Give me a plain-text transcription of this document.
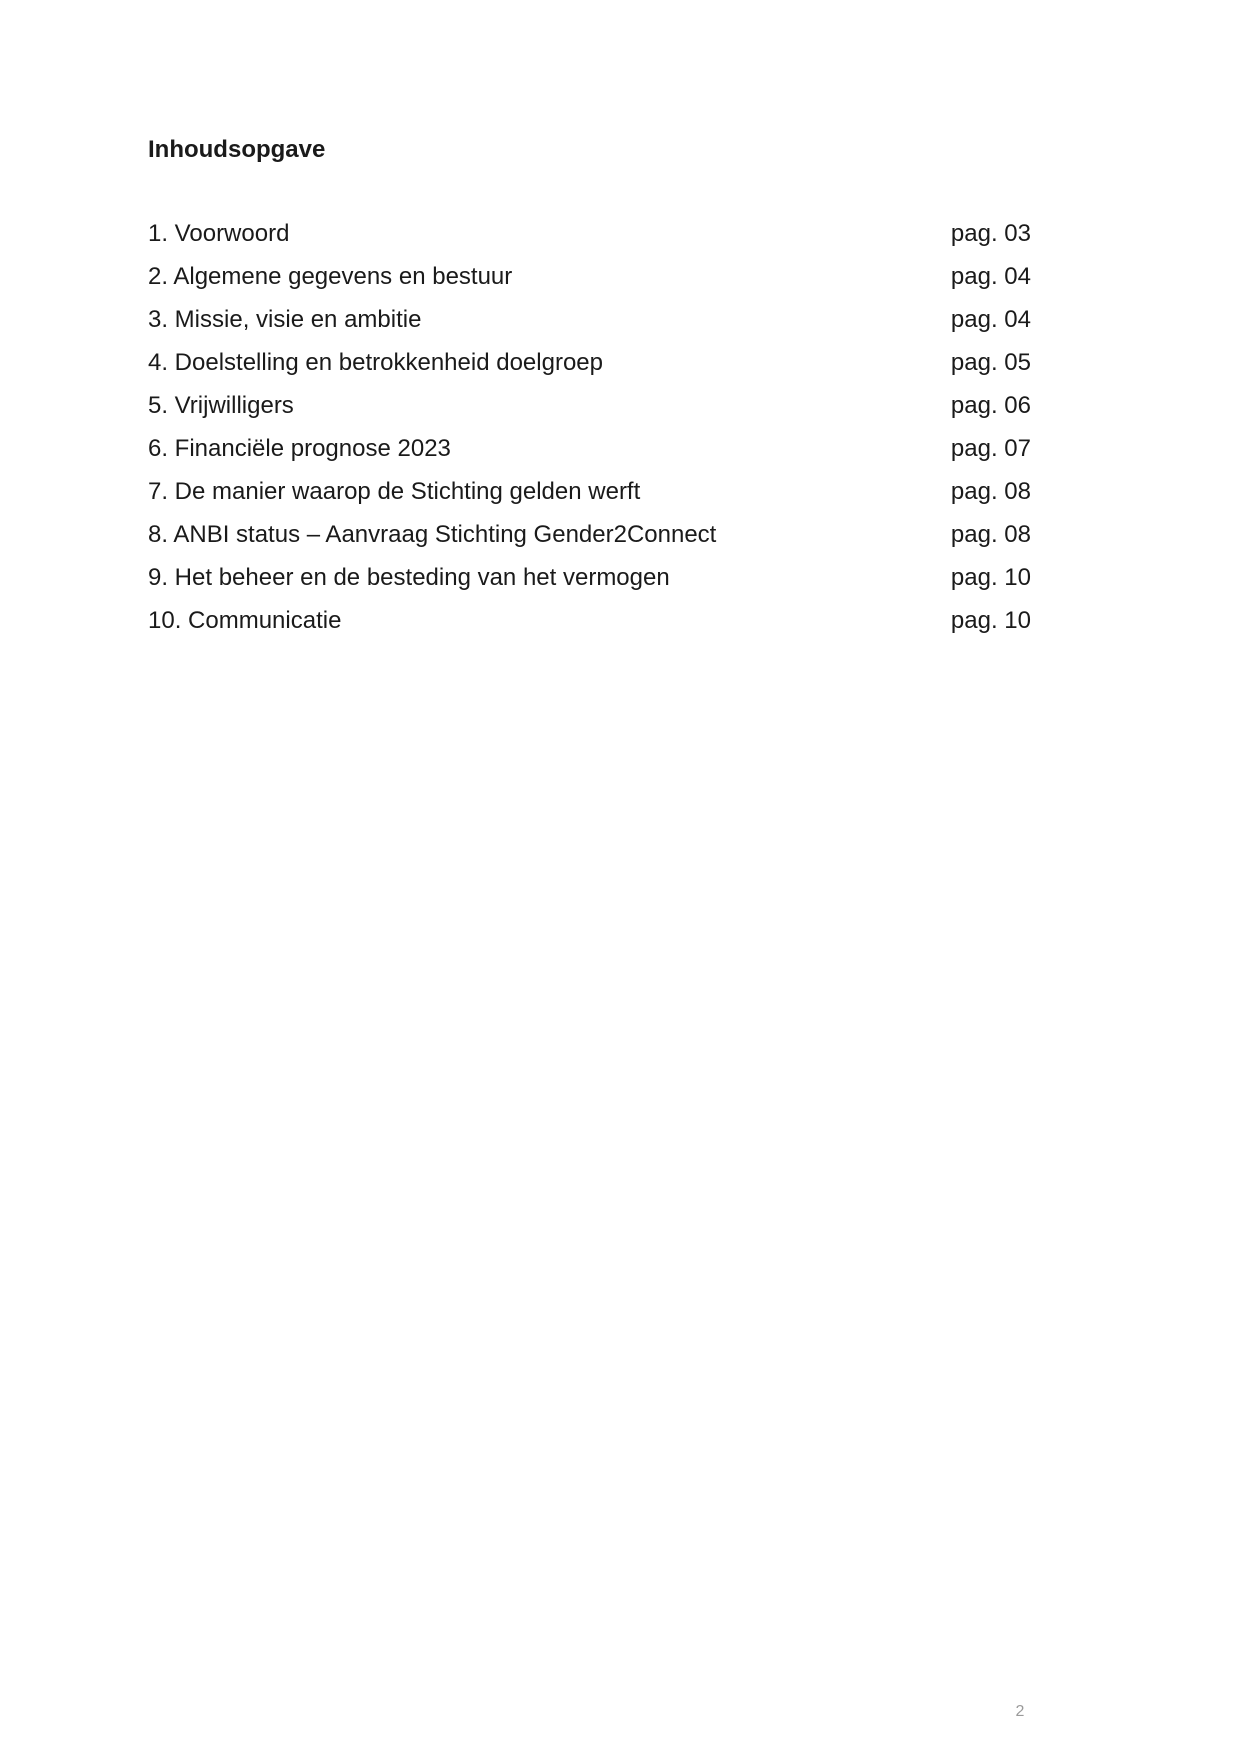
Inhoudsopgave
1. Voorwoord	pag. 03
2. Algemene gegevens en bestuur	pag. 04
3. Missie, visie en ambitie	pag. 04
4. Doelstelling en betrokkenheid doelgroep	pag. 05
5. Vrijwilligers	pag. 06
6. Financiële prognose 2023	pag. 07
7. De manier waarop de Stichting gelden werft	pag. 08
8. ANBI status – Aanvraag Stichting Gender2Connect	pag. 08
9. Het beheer en de besteding van het vermogen	pag. 10
10. Communicatie	pag. 10
2
